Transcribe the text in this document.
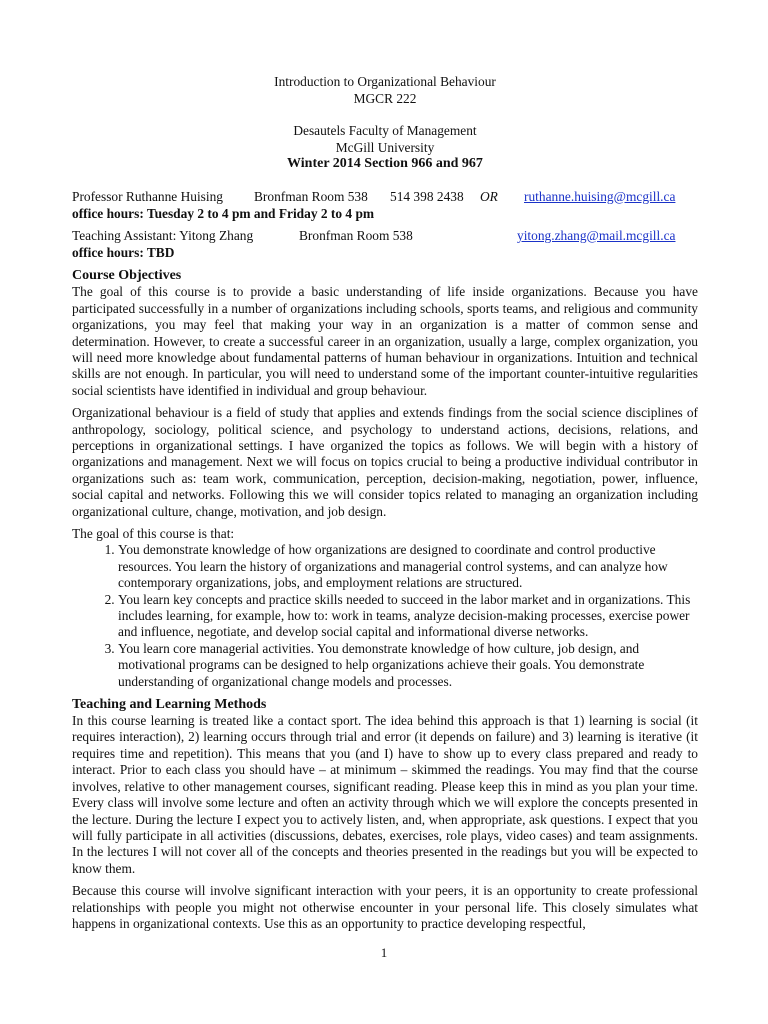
Introduction to Organizational Behaviour
MGCR 222
Desautels Faculty of Management
McGill University
Winter 2014 Section 966 and 967
Professor Ruthanne Huising Bronfman Room 538 514 398 2438 OR ruthanne.huising@mcgill.ca
office hours: Tuesday 2 to 4 pm and Friday 2 to 4 pm
Teaching Assistant: Yitong Zhang	Bronfman Room 538	yitong.zhang@mail.mcgill.ca
office hours: TBD
Course Objectives

The goal of this course is to provide a basic understanding of life inside organizations. Because you have participated successfully in a number of organizations including schools, sports teams, and religious and community organizations, you may feel that making your way in an organization is a matter of common sense and determination. However, to create a successful career in an organization, usually a large, complex organization, you will need more knowledge about fundamental patterns of human behaviour in organizations. Intuition and technical skills are not enough. In particular, you will need to understand some of the important counter-intuitive regularities social scientists have identified in individual and group behaviour.

Organizational behaviour is a field of study that applies and extends findings from the social science disciplines of anthropology, sociology, political science, and psychology to understand actions, decisions, relations, and perceptions in organizational settings. I have organized the topics as follows. We will begin with a history of organizations and management. Next we will focus on topics crucial to being a productive individual contributor in organizations such as: team work, communication, perception, decision-making, negotiation, power, influence, social capital and networks. Following this we will consider topics related to managing an organization including organizational culture, change, motivation, and job design.

The goal of this course is that:

1. You demonstrate knowledge of how organizations are designed to coordinate and control productive resources. You learn the history of organizations and managerial control systems, and can analyze how contemporary organizations, jobs, and employment relations are structured.
2. You learn key concepts and practice skills needed to succeed in the labor market and in organizations. This includes learning, for example, how to: work in teams, analyze decision-making processes, exercise power and influence, negotiate, and develop social capital and informational diverse networks.
3. You learn core managerial activities. You demonstrate knowledge of how culture, job design, and motivational programs can be designed to help organizations achieve their goals. You demonstrate understanding of organizational change models and processes.
Teaching and Learning Methods

In this course learning is treated like a contact sport. The idea behind this approach is that 1) learning is social (it requires interaction), 2) learning occurs through trial and error (it depends on failure) and 3) learning is iterative (it requires time and repetition). This means that you (and I) have to show up to every class prepared and ready to interact. Prior to each class you should have – at minimum – skimmed the readings. You may find that the course involves, relative to other management courses, significant reading. Please keep this in mind as you plan your time. Every class will involve some lecture and often an activity through which we will explore the concepts presented in the lecture. During the lecture I expect you to actively listen, and, when appropriate, ask questions. I expect that you will fully participate in all activities (discussions, debates, exercises, role plays, video cases) and team assignments. In the lectures I will not cover all of the concepts and theories presented in the readings but you will be expected to know them.

Because this course will involve significant interaction with your peers, it is an opportunity to create professional relationships with people you might not otherwise encounter in your personal life. This closely simulates what happens in organizational contexts. Use this as an opportunity to practice developing respectful,

1
